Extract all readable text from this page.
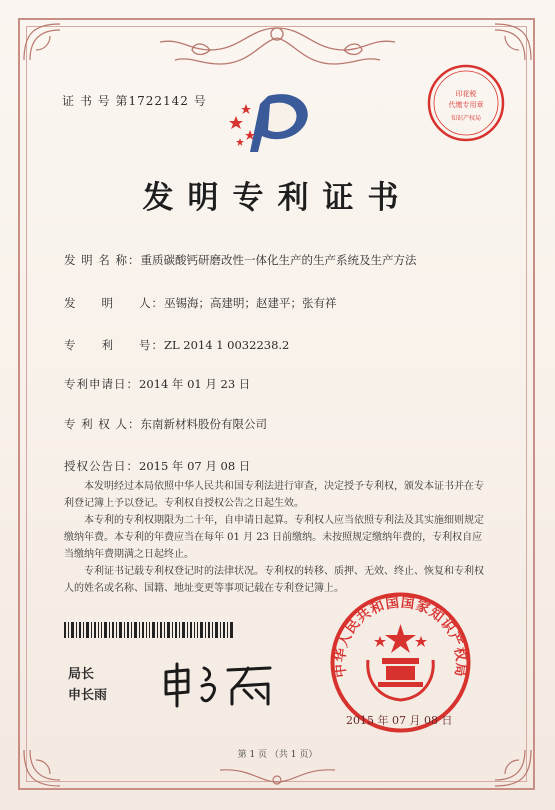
证 书 号 第1722142 号	印花税
代缴专用章
知识产权局
发明专利证书
发 明 名 称：重质碳酸钙研磨改性一体化生产的生产系统及生产方法
发　　明　　人：巫锡海；高建明；赵建平；张有祥
专　　利　　号：ZL 2014 1 0032238.2
专利申请日：2014 年 01 月 23 日
专 利 权 人：东南新材料股份有限公司
授权公告日：2015 年 07 月 08 日

本发明经过本局依照中华人民共和国专利法进行审查，决定授予专利权，颁发本证书并在专利登记簿上予以登记。专利权自授权公告之日起生效。

本专利的专利权期限为二十年，自申请日起算。专利权人应当依照专利法及其实施细则规定缴纳年费。本专利的年费应当在每年 01 月 23 日前缴纳。未按照规定缴纳年费的，专利权自应当缴纳年费期满之日起终止。

专利证书记载专利权登记时的法律状况。专利权的转移、质押、无效、终止、恢复和专利权人的姓名或名称、国籍、地址变更等事项记载在专利登记簿上。

局长
申长雨
中华人民共和国国家知识产权局
2015 年 07 月 08 日
第 1 页 （共 1 页）
